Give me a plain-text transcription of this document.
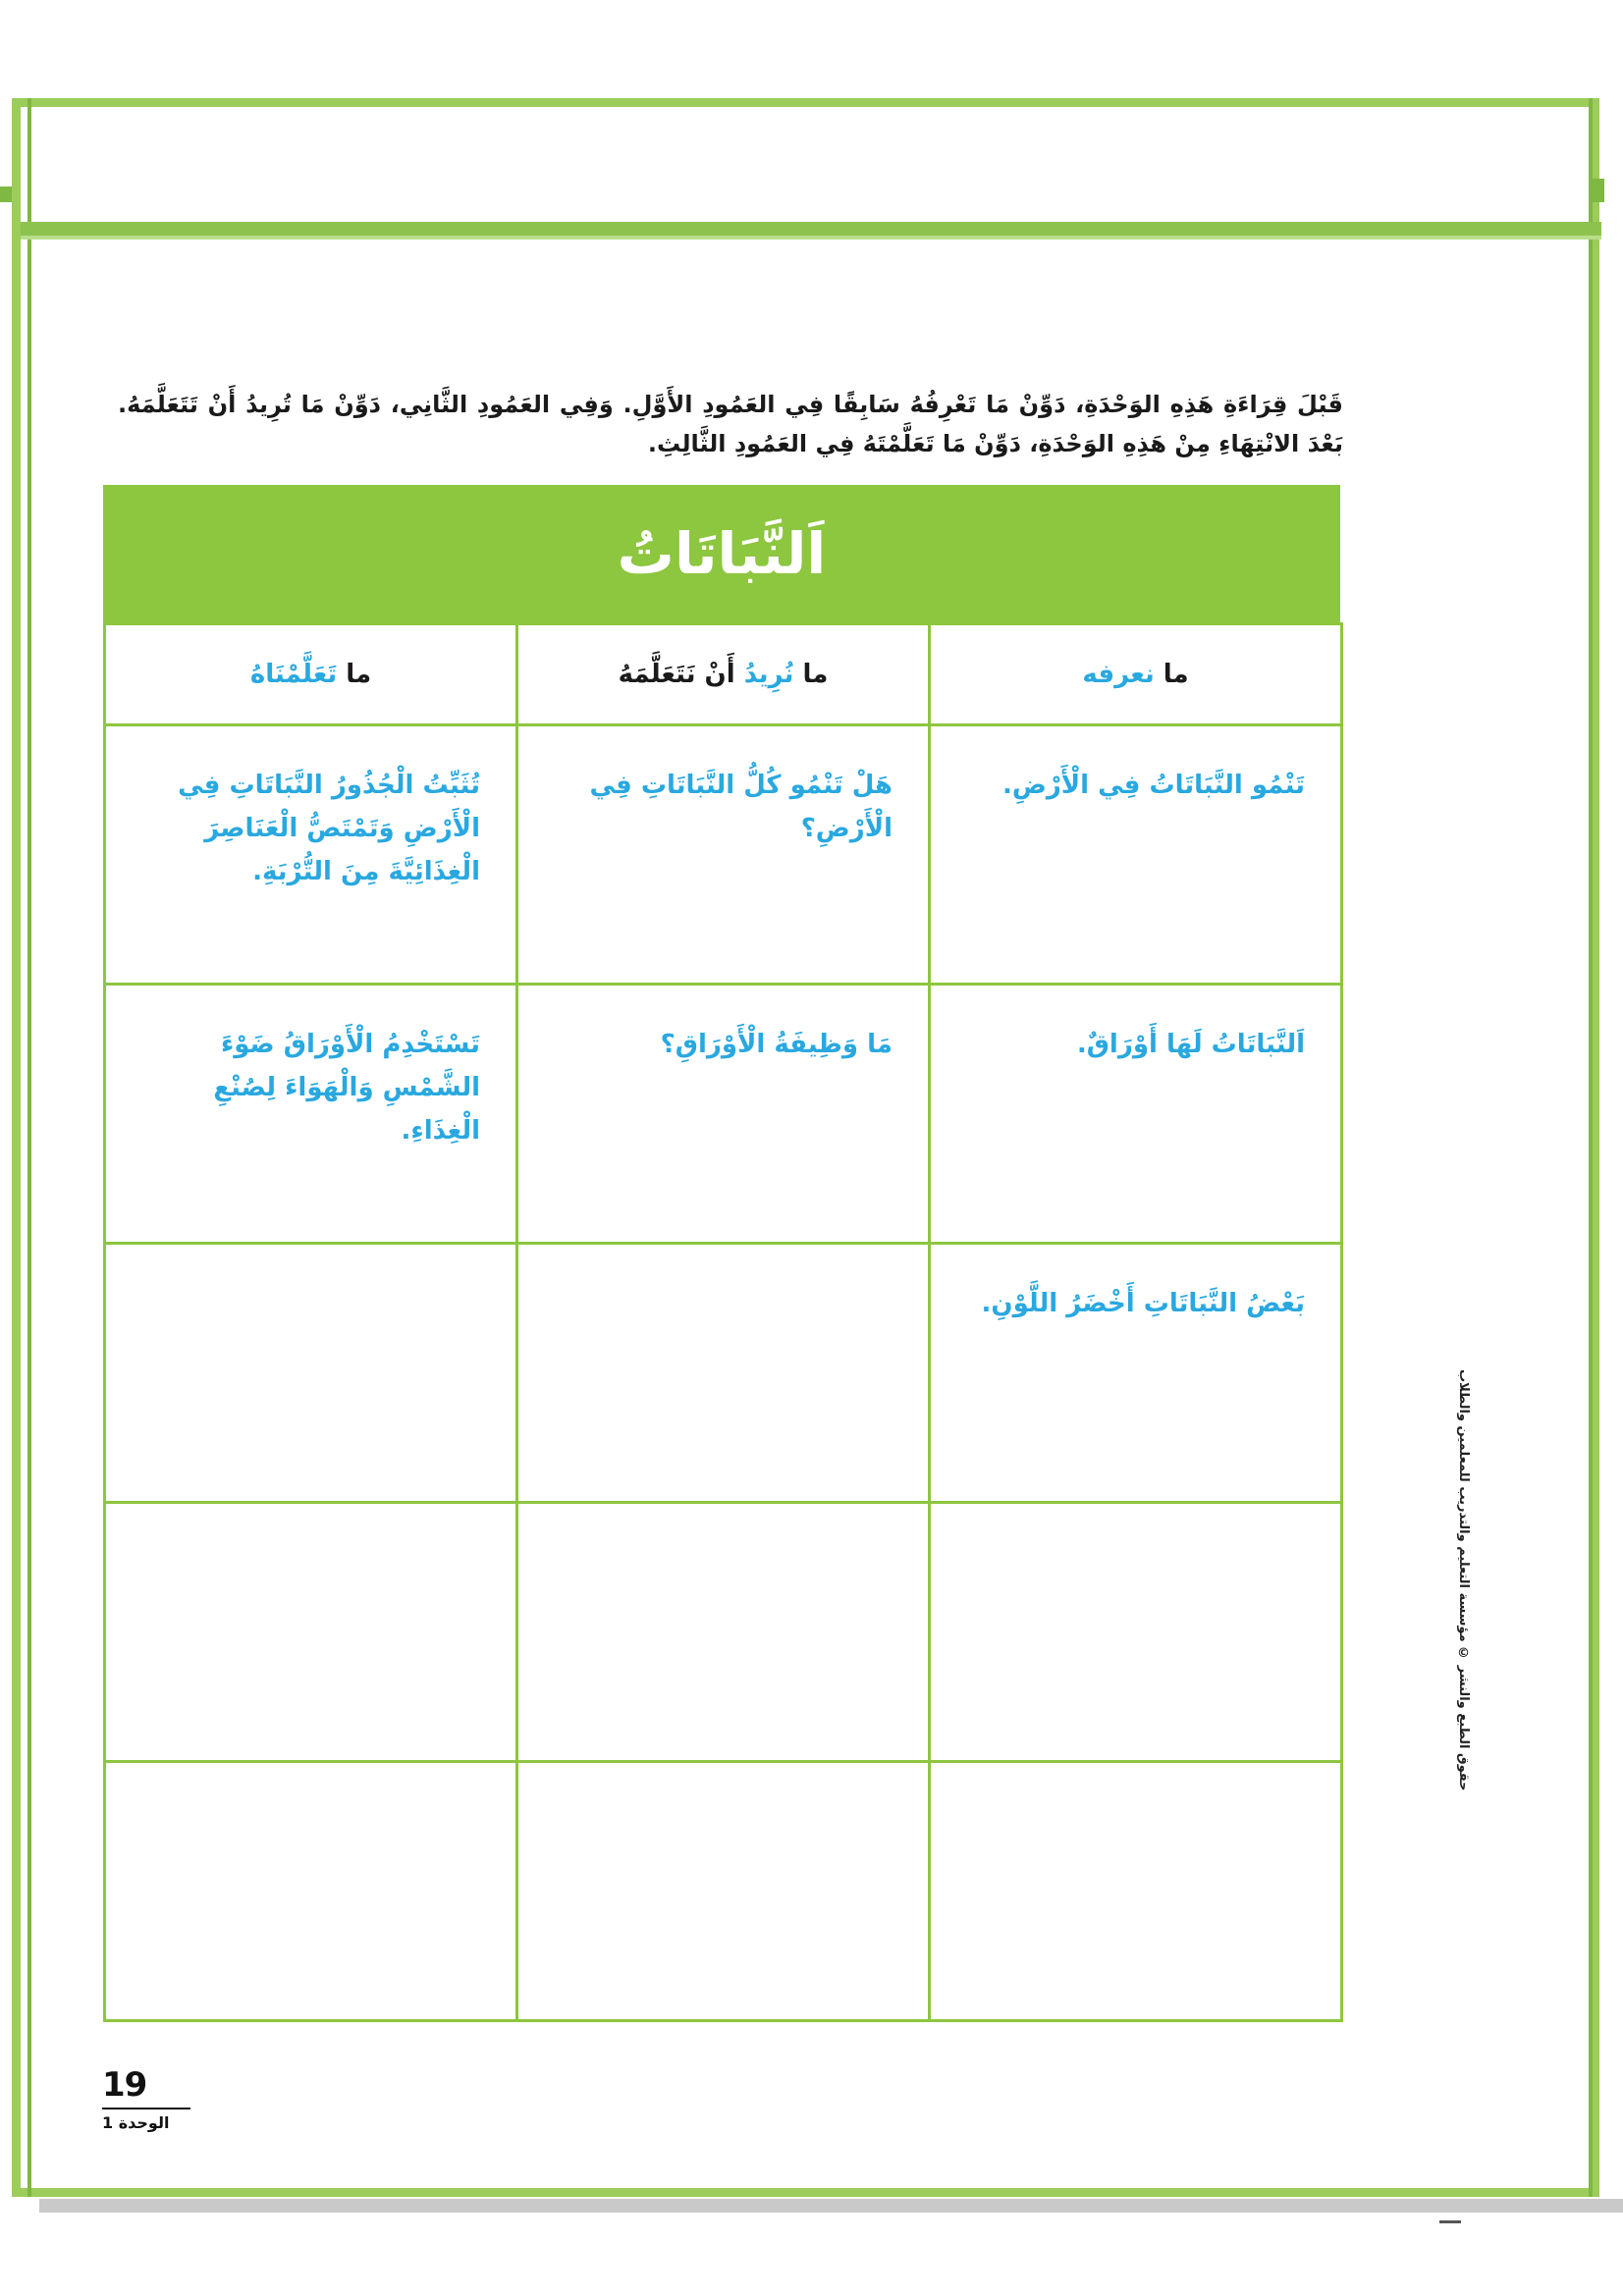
قَبْلَ قِرَاءَةِ هَذِهِ الوَحْدَةِ، دَوِّنْ مَا تَعْرِفُهُ سَابِقًا فِي العَمُودِ الأَوَّلِ. وَفِي العَمُودِ الثَّانِي، دَوِّنْ مَا تُرِيدُ أَنْ تَتَعَلَّمَهُ. بَعْدَ الانْتِهَاءِ مِنْ هَذِهِ الوَحْدَةِ، دَوِّنْ مَا تَعَلَّمْتَهُ فِي العَمُودِ الثَّالِثِ.

اَلنَّبَاتَاتُ
ما نعرفه	ما نُرِيدُ أَنْ نَتَعَلَّمَهُ	ما تَعَلَّمْنَاهُ

تَنْمُو النَّبَاتَاتُ فِي الْأَرْضِ.	هَلْ تَنْمُو كُلُّ النَّبَاتَاتِ فِي الْأَرْضِ؟	تُثَبِّتُ الْجُذُورُ النَّبَاتَاتِ فِي الْأَرْضِ وَتَمْتَصُّ الْعَنَاصِرَ الْغِذَائِيَّةَ مِنَ التُّرْبَةِ.

اَلنَّبَاتَاتُ لَهَا أَوْرَاقٌ.	مَا وَظِيفَةُ الْأَوْرَاقِ؟	تَسْتَخْدِمُ الْأَوْرَاقُ ضَوْءَ الشَّمْسِ وَالْهَوَاءَ لِصُنْعِ الْغِذَاءِ.

بَعْضُ النَّبَاتَاتِ أَخْضَرُ اللَّوْنِ.		

حقوق الطبع والنشر © مؤسسة التعليم والتدريب للمعلمين والطلاب
19
الوحدة 1
